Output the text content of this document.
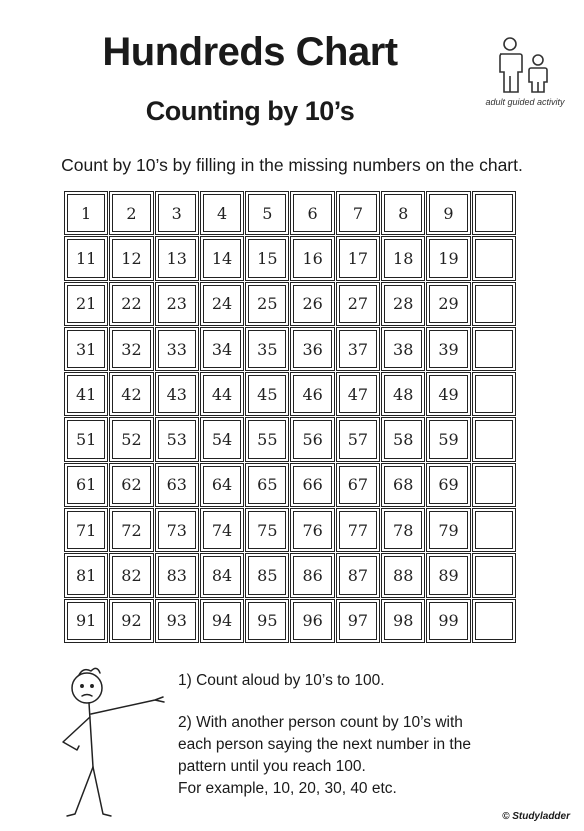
Hundreds Chart
Counting by 10’s	adult guided activity
Count by 10’s by filling in the missing numbers on the chart.
1	2	3	4	5	6	7	8	9
11	12	13	14	15	16	17	18	19
21	22	23	24	25	26	27	28	29
31	32	33	34	35	36	37	38	39
41	42	43	44	45	46	47	48	49
51	52	53	54	55	56	57	58	59
61	62	63	64	65	66	67	68	69
71	72	73	74	75	76	77	78	79
81	82	83	84	85	86	87	88	89
91	92	93	94	95	96	97	98	99
1) Count aloud by 10’s to 100.
2) With another person count by 10’s with
each person saying the next number in the
pattern until you reach 100.
For example, 10, 20, 30, 40 etc.
© Studyladder
